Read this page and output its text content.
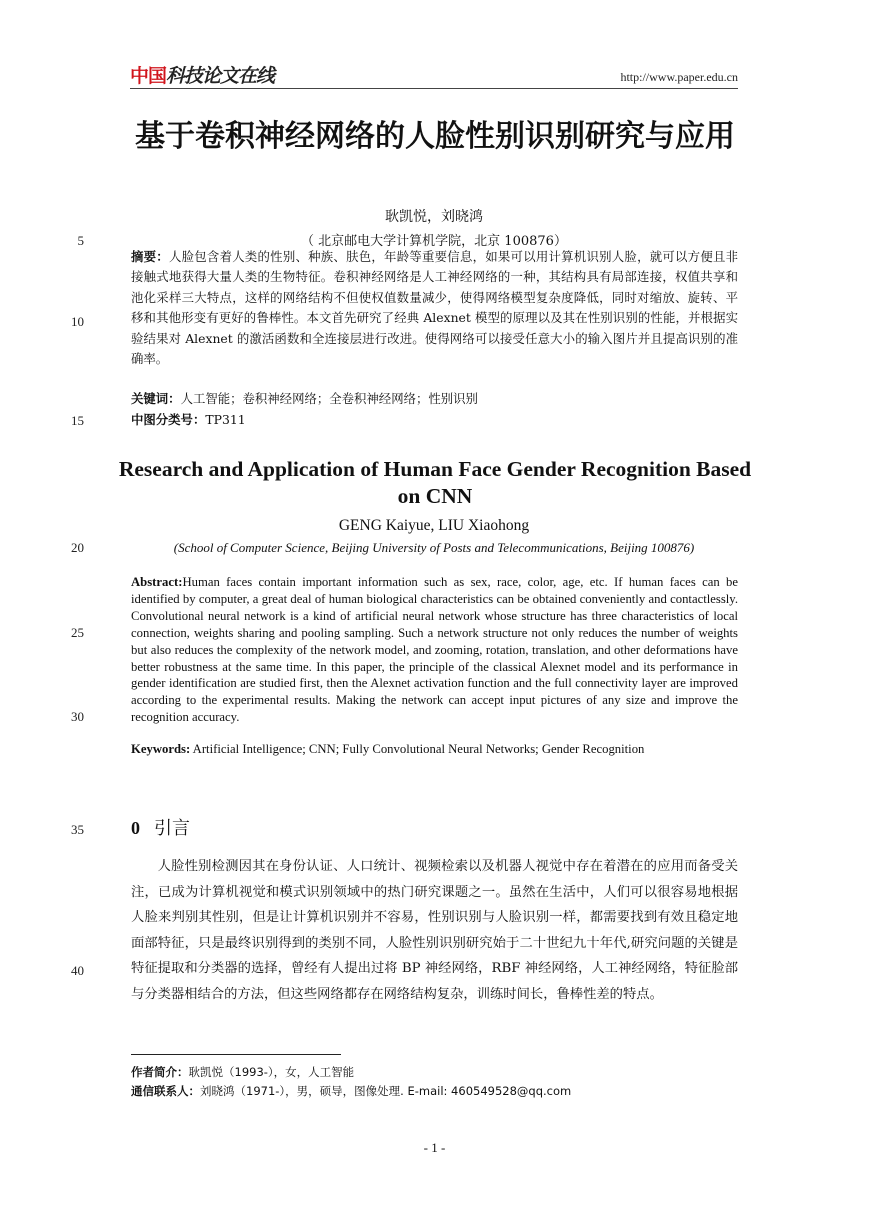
中国科技论文在线	http://www.paper.edu.cn
5
10
15
20
25
30
35
40
基于卷积神经网络的人脸性别识别研究与应用
耿凯悦，刘晓鸿
（ 北京邮电大学计算机学院，北京 100876）
摘要：人脸包含着人类的性别、种族、肤色，年龄等重要信息，如果可以用计算机识别人脸，就可以方便且非接触式地获得大量人类的生物特征。卷积神经网络是人工神经网络的一种，其结构具有局部连接，权值共享和池化采样三大特点，这样的网络结构不但使权值数量减少，使得网络模型复杂度降低，同时对缩放、旋转、平移和其他形变有更好的鲁棒性。本文首先研究了经典 Alexnet 模型的原理以及其在性别识别的性能，并根据实验结果对 Alexnet 的激活函数和全连接层进行改进。使得网络可以接受任意大小的输入图片并且提高识别的准确率。
关键词：人工智能；卷积神经网络；全卷积神经网络；性别识别
中图分类号：TP311
Research and Application of Human Face Gender Recognition Based on CNN
GENG Kaiyue, LIU Xiaohong
(School of Computer Science, Beijing University of Posts and Telecommunications, Beijing 100876)
Abstract:Human faces contain important information such as sex, race, color, age, etc. If human faces can be identified by computer, a great deal of human biological characteristics can be obtained conveniently and contactlessly. Convolutional neural network is a kind of artificial neural network whose structure has three characteristics of local connection, weights sharing and pooling sampling. Such a network structure not only reduces the number of weights but also reduces the complexity of the network model, and zooming, rotation, translation, and other deformations have better robustness at the same time. In this paper, the principle of the classical Alexnet model and its performance in gender identification are studied first, then the Alexnet activation function and the full connectivity layer are improved according to the experimental results. Making the network can accept input pictures of any size and improve the recognition accuracy.
Keywords: Artificial Intelligence; CNN; Fully Convolutional Neural Networks; Gender Recognition
0 引言

人脸性别检测因其在身份认证、人口统计、视频检索以及机器人视觉中存在着潜在的应用而备受关注，已成为计算机视觉和模式识别领域中的热门研究课题之一。虽然在生活中，人们可以很容易地根据人脸来判别其性别，但是让计算机识别并不容易，性别识别与人脸识别一样，都需要找到有效且稳定地面部特征，只是最终识别得到的类别不同，人脸性别识别研究始于二十世纪九十年代,研究问题的关键是特征提取和分类器的选择，曾经有人提出过将 BP 神经网络，RBF 神经网络，人工神经网络，特征脸部与分类器相结合的方法，但这些网络都存在网络结构复杂，训练时间长，鲁棒性差的特点。

作者简介：耿凯悦（1993-），女，人工智能
通信联系人：刘晓鸿（1971-），男，硕导，图像处理. E-mail: 460549528@qq.com
- 1 -
